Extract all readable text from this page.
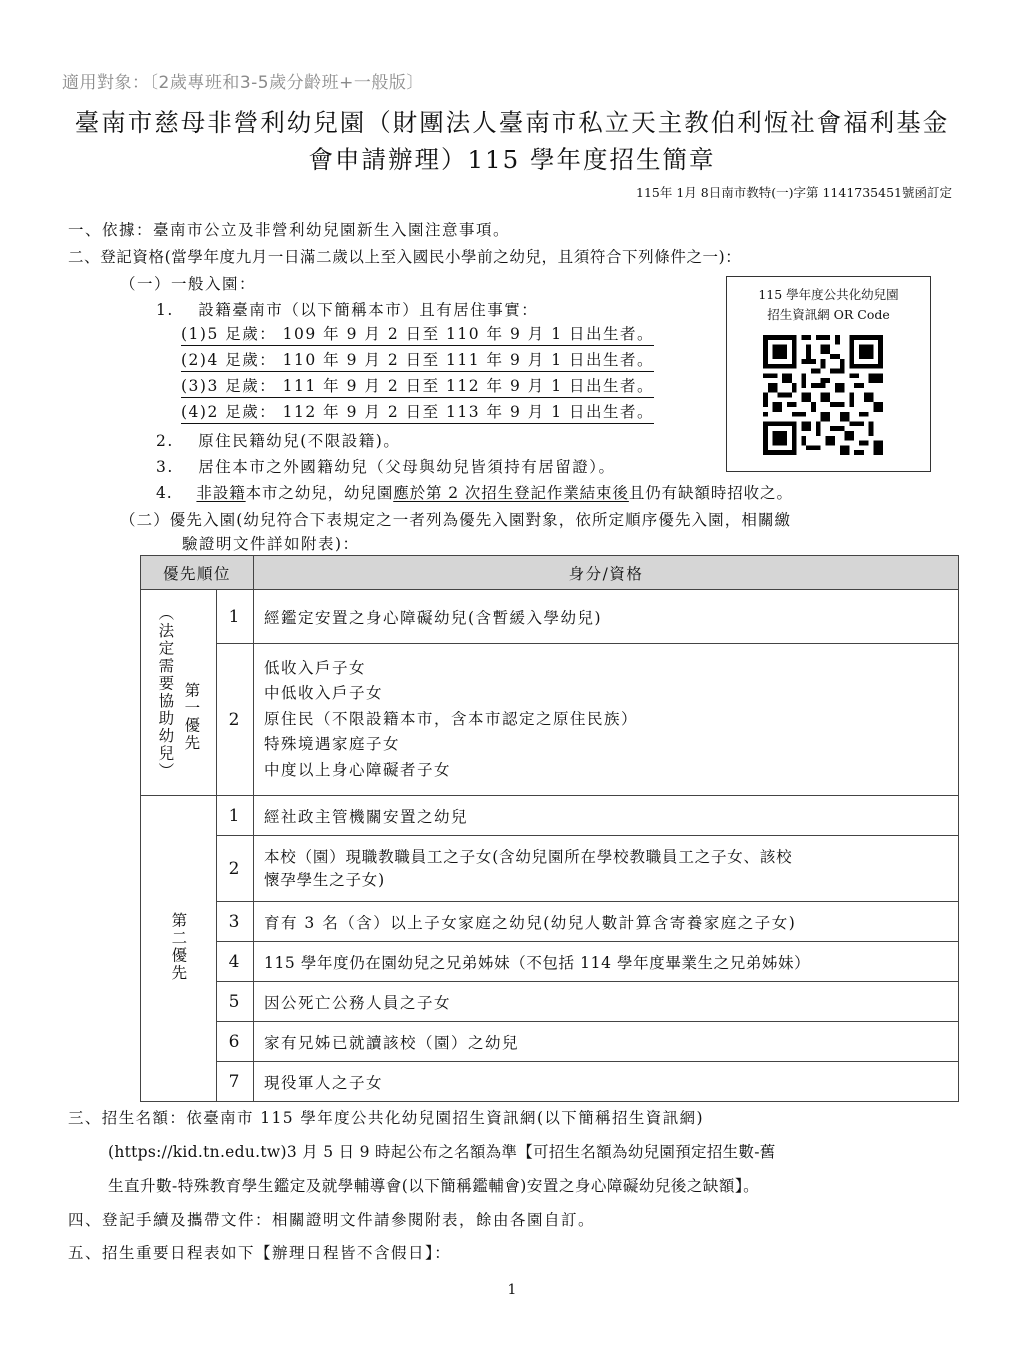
適用對象：〔2歲專班和3-5歲分齡班+一般版〕
臺南市慈母非營利幼兒園（財團法人臺南市私立天主教伯利恆社會福利基金
會申請辦理）115 學年度招生簡章
115年 1月 8日南市教特(一)字第 1141735451號函訂定
一、依據：臺南市公立及非營利幼兒園新生入園注意事項。
二、登記資格(當學年度九月一日滿二歲以上至入國民小學前之幼兒，且須符合下列條件之一)：
（一）一般入園：
1. 設籍臺南市（以下簡稱本市）且有居住事實：
(1)5 足歲： 109 年 9 月 2 日至 110 年 9 月 1 日出生者。
(2)4 足歲： 110 年 9 月 2 日至 111 年 9 月 1 日出生者。
(3)3 足歲： 111 年 9 月 2 日至 112 年 9 月 1 日出生者。
(4)2 足歲： 112 年 9 月 2 日至 113 年 9 月 1 日出生者。
2. 原住民籍幼兒(不限設籍)。
3. 居住本市之外國籍幼兒（父母與幼兒皆須持有居留證）。
4. 非設籍本市之幼兒，幼兒園應於第 2 次招生登記作業結束後且仍有缺額時招收之。
（二）優先入園(幼兒符合下表規定之一者列為優先入園對象，依所定順序優先入園，相關繳
驗證明文件詳如附表)：
115 學年度公共化幼兒園
招生資訊網 OR Code
優先順位		身分/資格

︵法定需要協助幼兒︶ 第一優先	1	經鑑定安置之身心障礙幼兒(含暫緩入學幼兒)
	2	低收入戶子女
中低收入戶子女
原住民（不限設籍本市，含本市認定之原住民族）
特殊境遇家庭子女
中度以上身心障礙者子女

第二優先	1	經社政主管機關安置之幼兒
	2	本校（園）現職教職員工之子女(含幼兒園所在學校教職員工之子女、該校
懷孕學生之子女)

	3	育有 3 名（含）以上子女家庭之幼兒(幼兒人數計算含寄養家庭之子女)
	4	115 學年度仍在園幼兒之兄弟姊妹（不包括 114 學年度畢業生之兄弟姊妹）
	5	因公死亡公務人員之子女
	6	家有兄姊已就讀該校（園）之幼兒
	7	現役軍人之子女
三、招生名額：依臺南市 115 學年度公共化幼兒園招生資訊網(以下簡稱招生資訊網)
(https://kid.tn.edu.tw)3 月 5 日 9 時起公布之名額為準【可招生名額為幼兒園預定招生數-舊
生直升數-特殊教育學生鑑定及就學輔導會(以下簡稱鑑輔會)安置之身心障礙幼兒後之缺額】。
四、登記手續及攜帶文件：相關證明文件請參閱附表，餘由各園自訂。
五、招生重要日程表如下【辦理日程皆不含假日】：
1
